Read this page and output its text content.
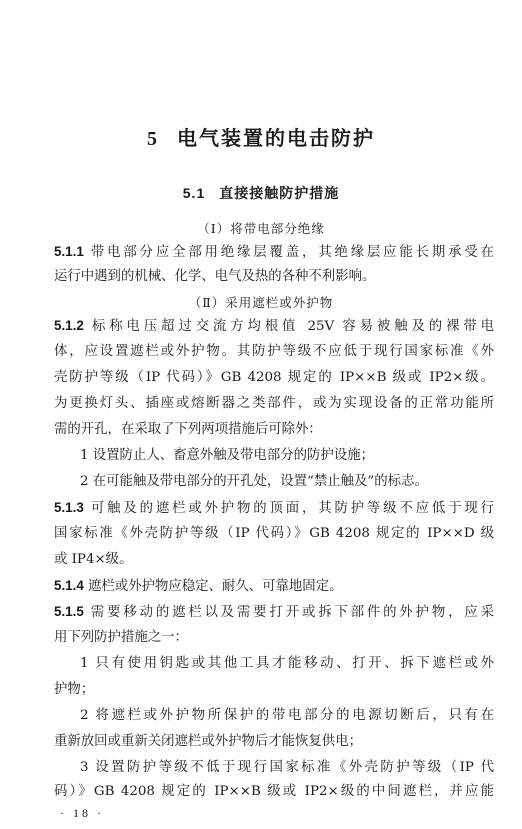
5 电气装置的电击防护
5.1 直接接触防护措施
（Ⅰ）将带电部分绝缘
5.1.1 带电部分应全部用绝缘层覆盖，其绝缘层应能长期承受在
运行中遇到的机械、化学、电气及热的各种不利影响。
（Ⅱ）采用遮栏或外护物
5.1.2 标称电压超过交流方均根值 25V 容易被触及的裸带电
体，应设置遮栏或外护物。其防护等级不应低于现行国家标准《外
壳防护等级（IP 代码）》GB 4208 规定的 IP××B 级或 IP2×级。
为更换灯头、插座或熔断器之类部件，或为实现设备的正常功能所
需的开孔，在采取了下列两项措施后可除外：
1 设置防止人、畜意外触及带电部分的防护设施；
2 在可能触及带电部分的开孔处，设置“禁止触及”的标志。
5.1.3 可触及的遮栏或外护物的顶面，其防护等级不应低于现行
国家标准《外壳防护等级（IP 代码）》GB 4208 规定的 IP××D 级
或 IP4×级。
5.1.4 遮栏或外护物应稳定、耐久、可靠地固定。
5.1.5 需要移动的遮栏以及需要打开或拆下部件的外护物，应采
用下列防护措施之一：
1 只有使用钥匙或其他工具才能移动、打开、拆下遮栏或外
护物；
2 将遮栏或外护物所保护的带电部分的电源切断后，只有在
重新放回或重新关闭遮栏或外护物后才能恢复供电；
3 设置防护等级不低于现行国家标准《外壳防护等级（IP 代
码）》GB 4208 规定的 IP××B 级或 IP2×级的中间遮栏，并应能
· 18 ·
